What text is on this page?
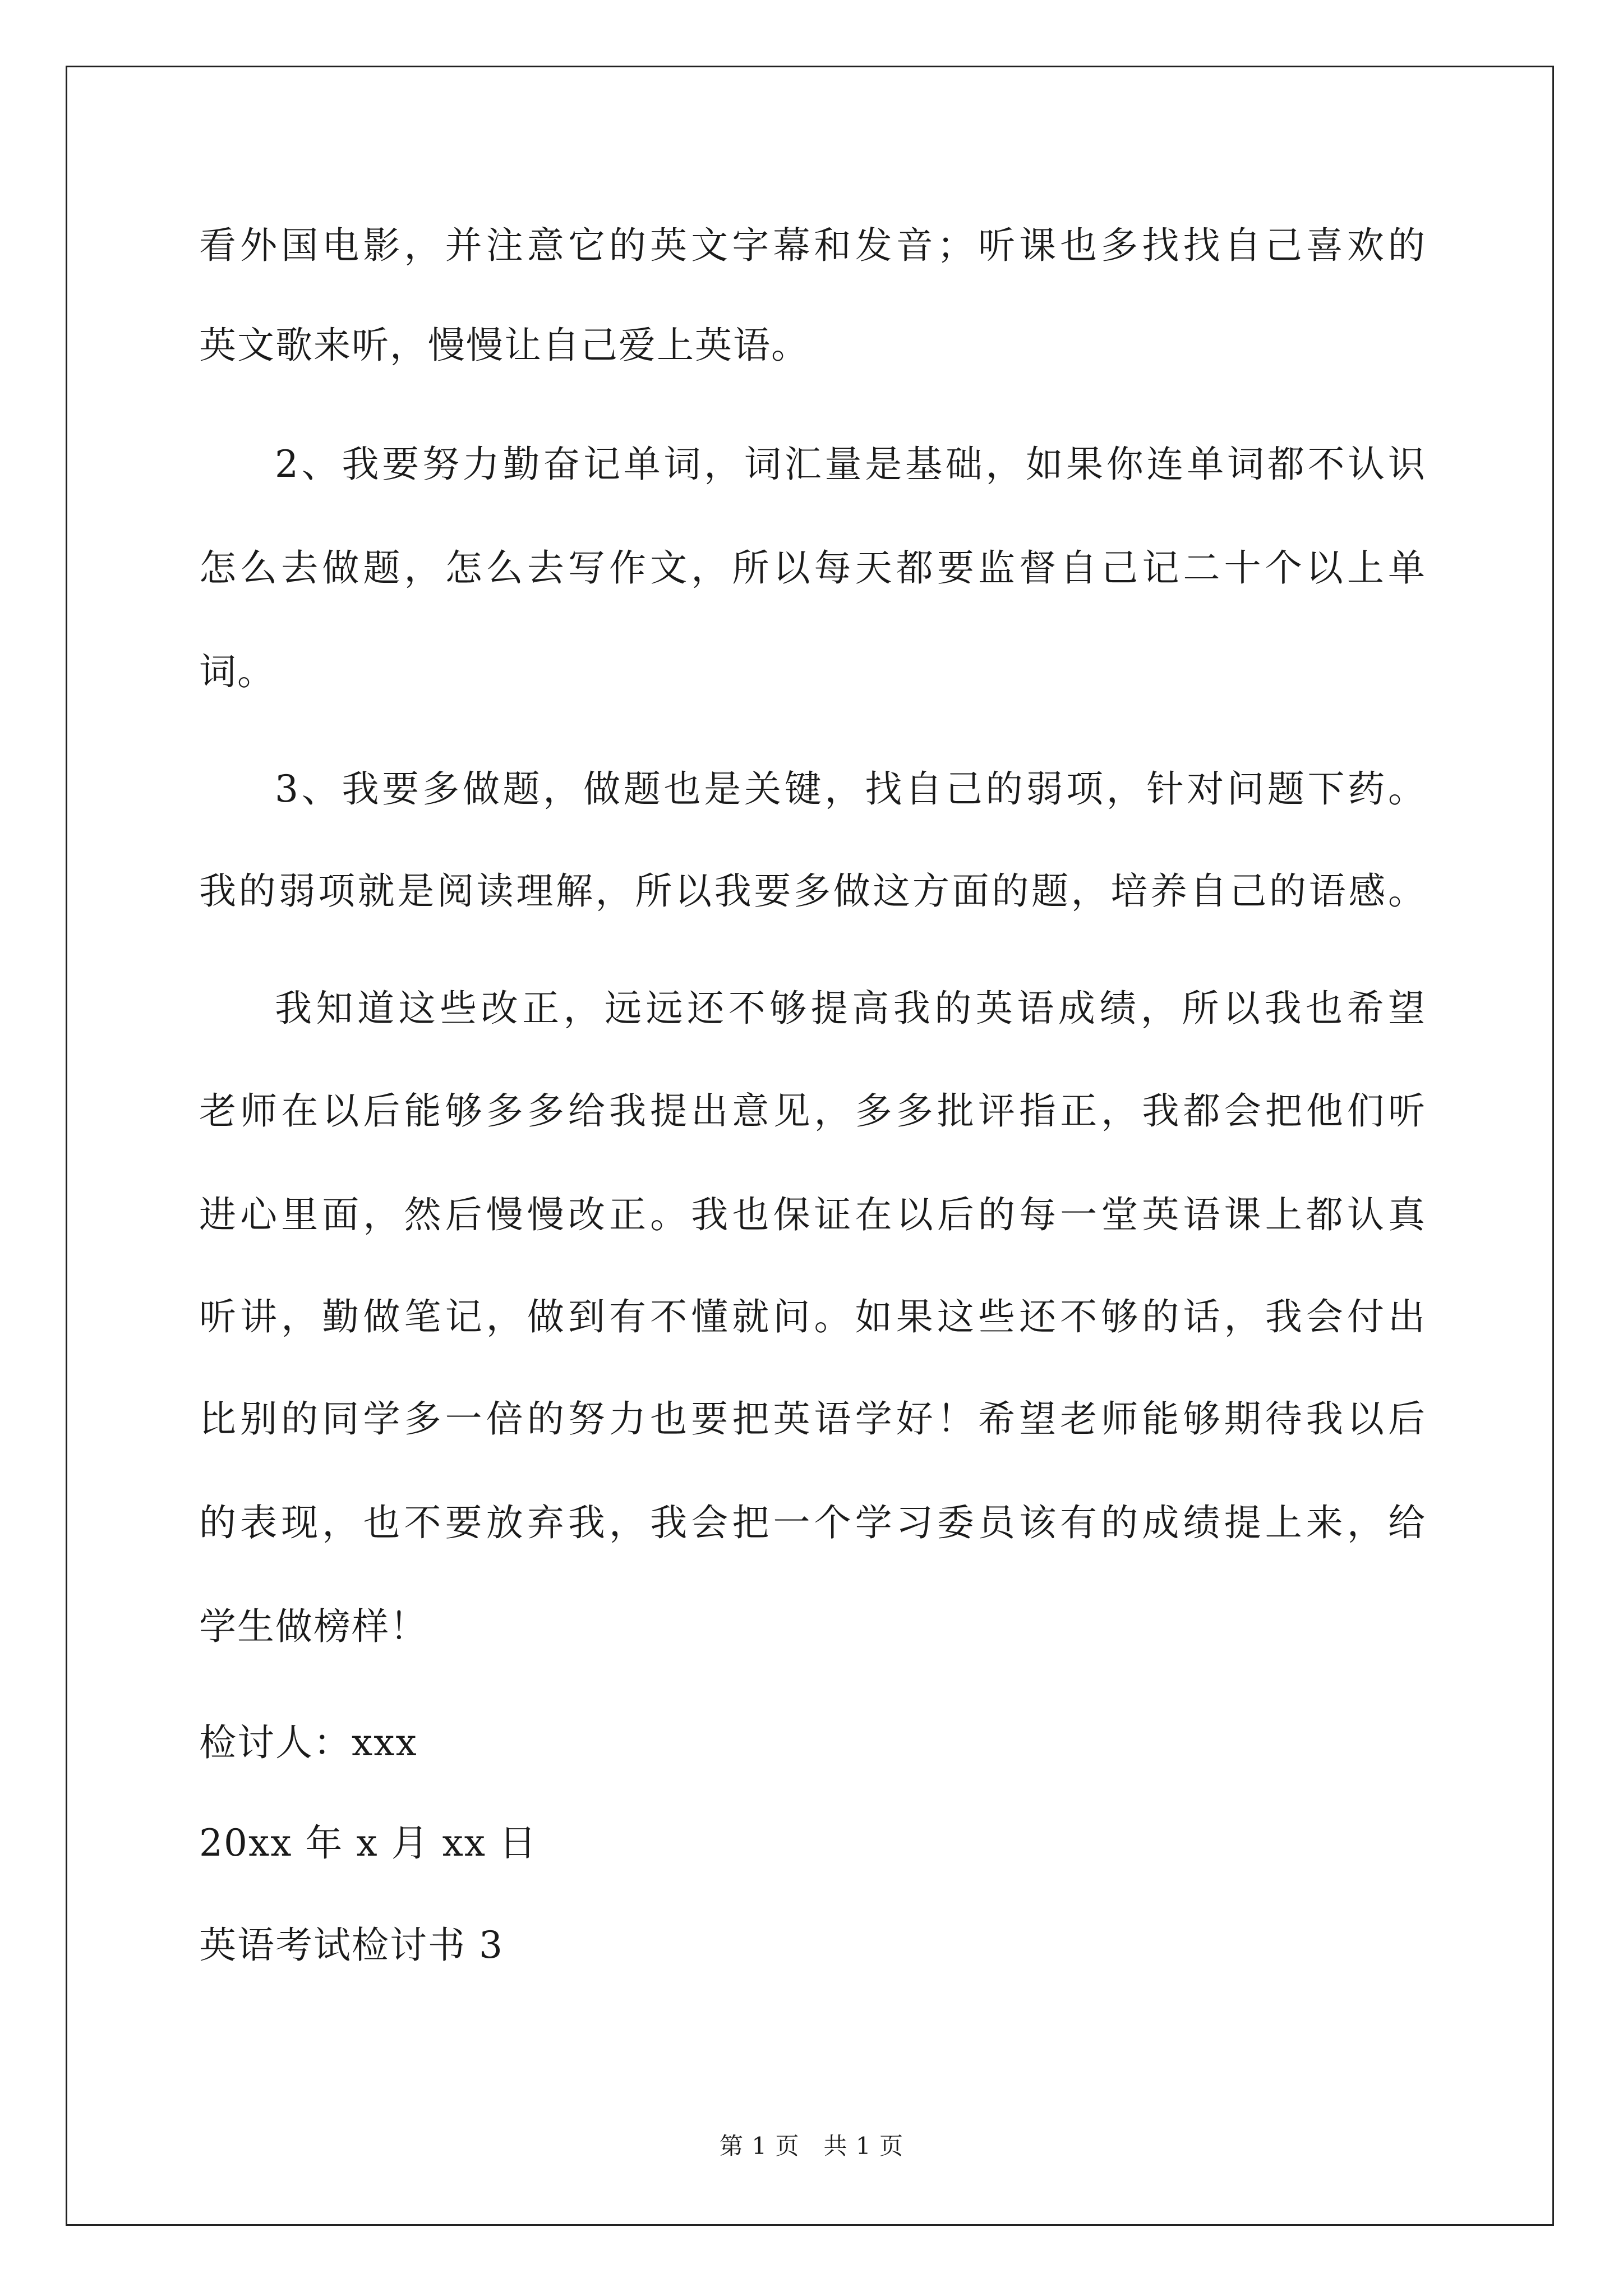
看外国电影，并注意它的英文字幕和发音；听课也多找找自己喜欢的

英文歌来听，慢慢让自己爱上英语。

2、我要努力勤奋记单词，词汇量是基础，如果你连单词都不认识

怎么去做题，怎么去写作文，所以每天都要监督自己记二十个以上单

词。

3、我要多做题，做题也是关键，找自己的弱项，针对问题下药。

我的弱项就是阅读理解，所以我要多做这方面的题，培养自己的语感。

我知道这些改正，远远还不够提高我的英语成绩，所以我也希望

老师在以后能够多多给我提出意见，多多批评指正，我都会把他们听

进心里面，然后慢慢改正。我也保证在以后的每一堂英语课上都认真

听讲，勤做笔记，做到有不懂就问。如果这些还不够的话，我会付出

比别的同学多一倍的努力也要把英语学好！希望老师能够期待我以后

的表现，也不要放弃我，我会把一个学习委员该有的成绩提上来，给

学生做榜样！

检讨人：xxx

20xx 年 x 月 xx 日

英语考试检讨书 3

第 1 页   共 1 页
